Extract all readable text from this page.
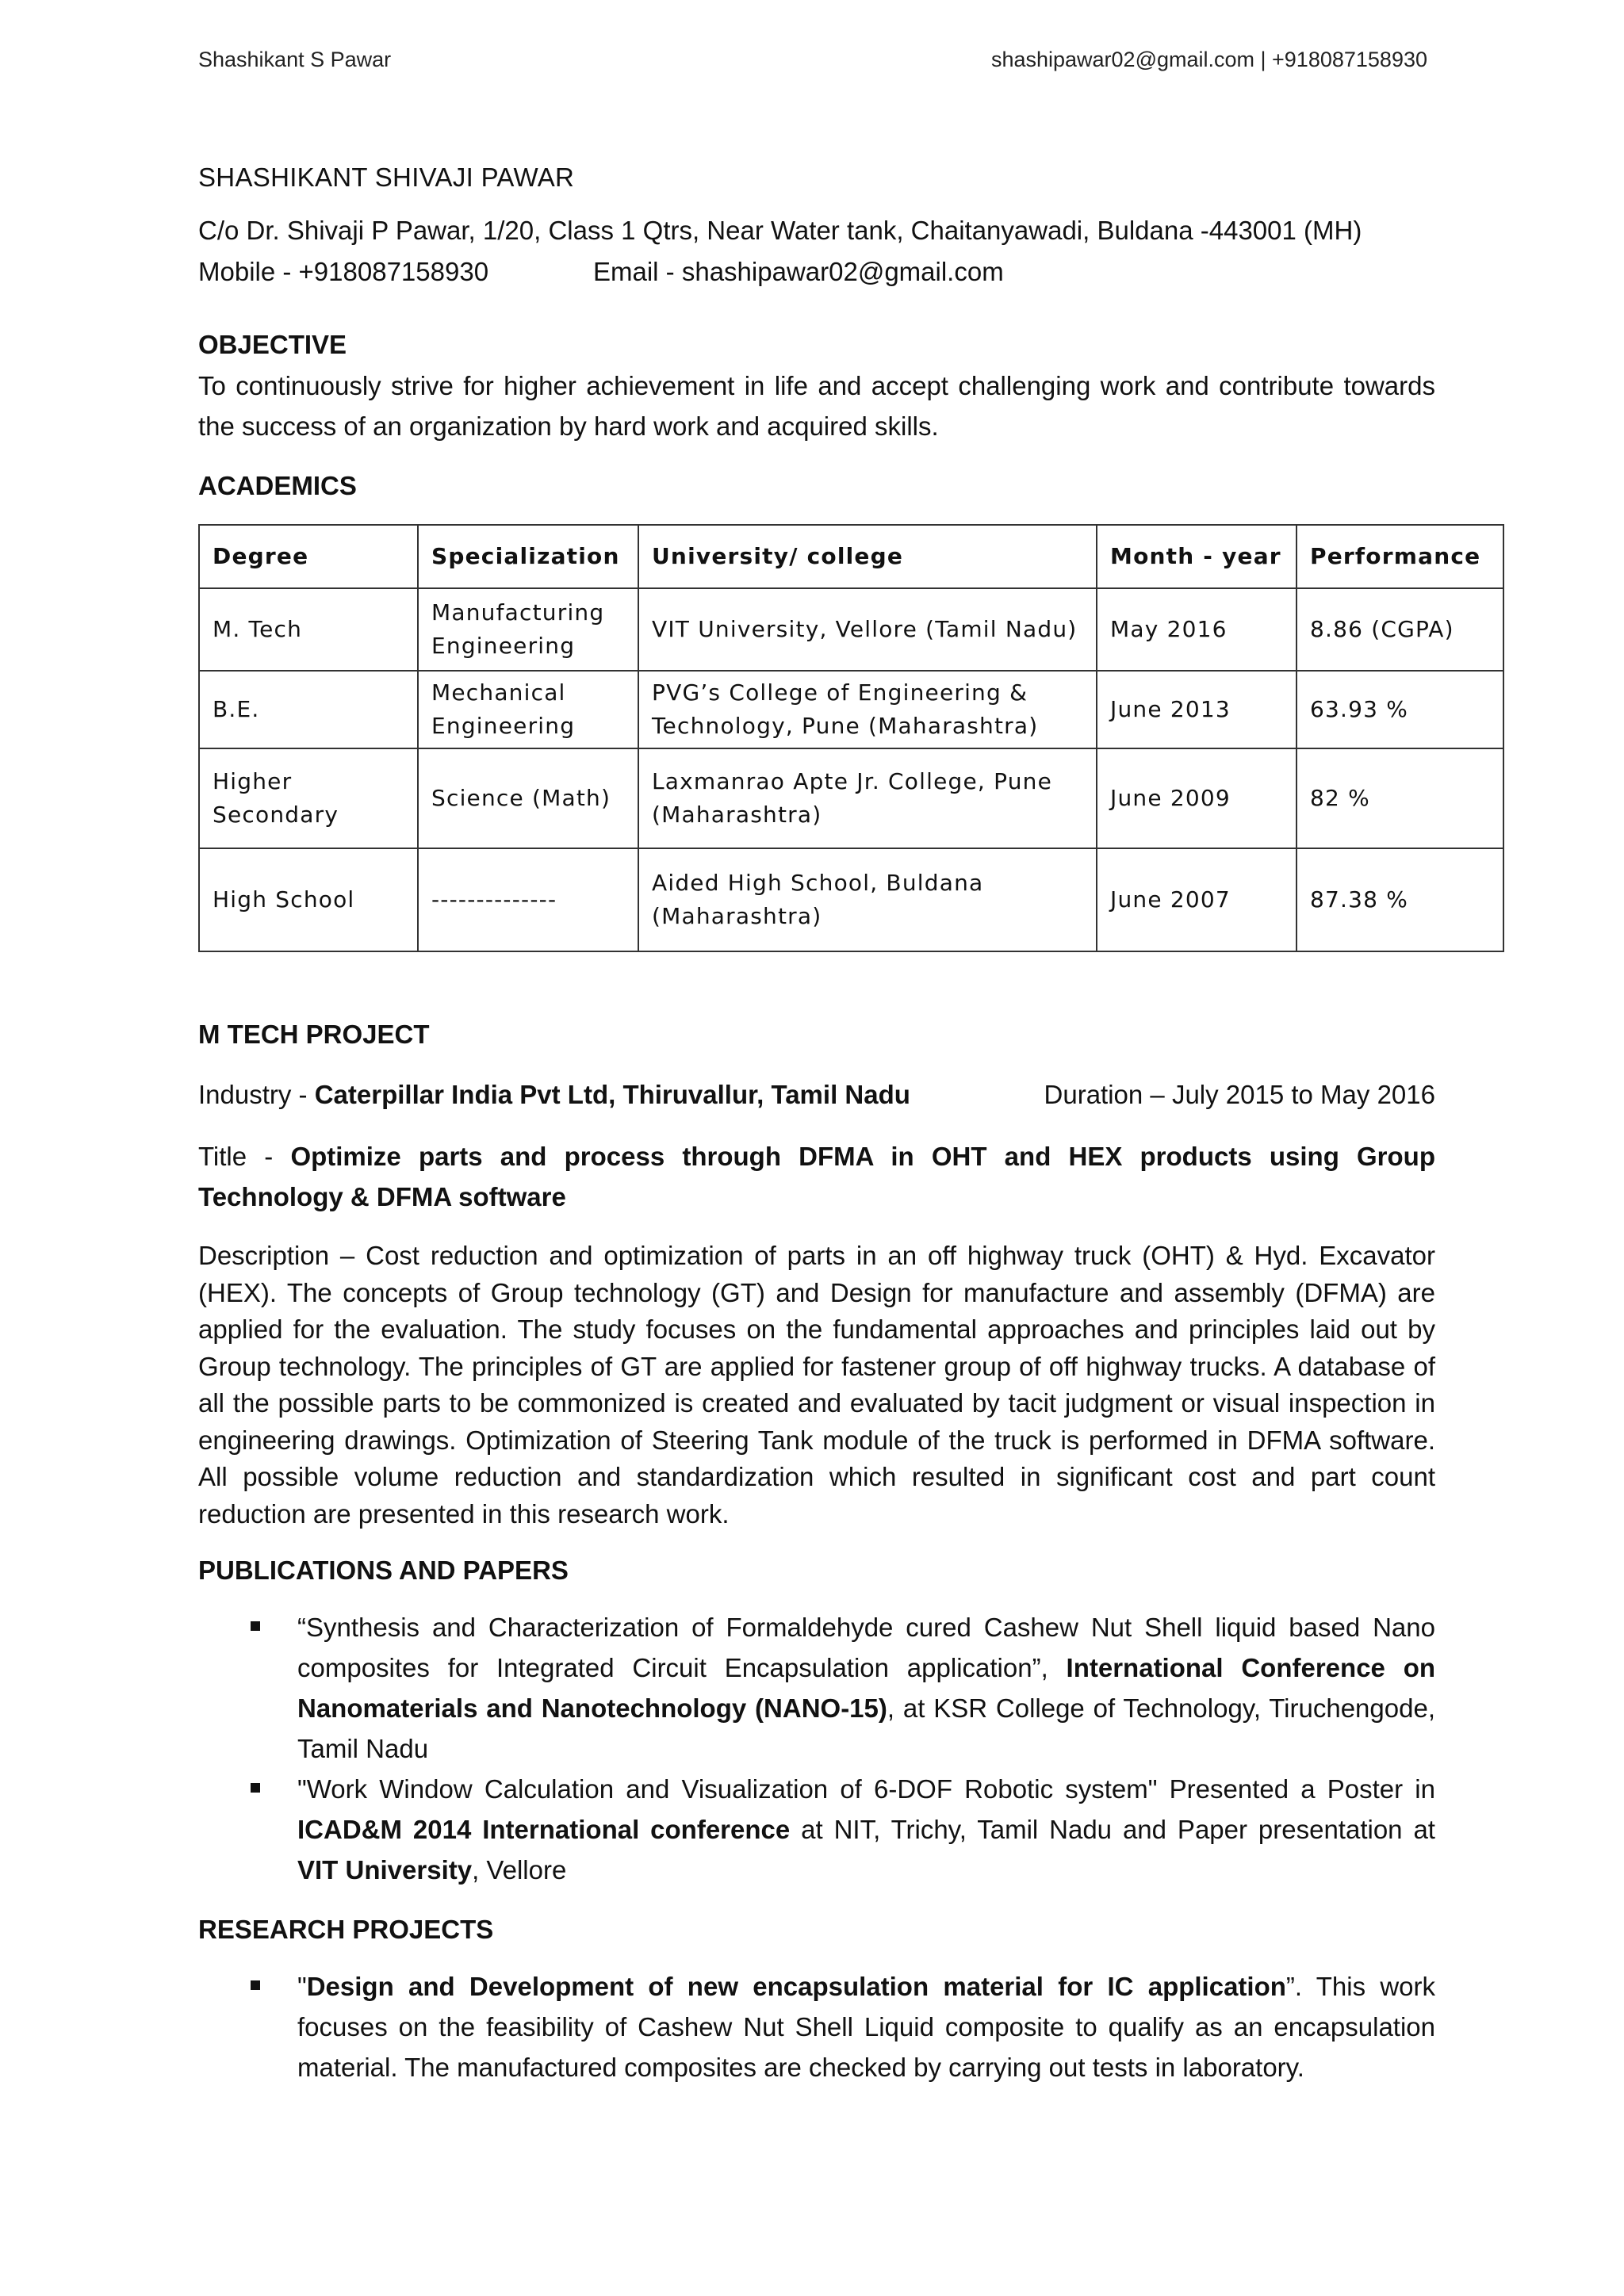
Shashikant S Pawar	shashipawar02@gmail.com | +918087158930

SHASHIKANT SHIVAJI PAWAR

C/o Dr. Shivaji P Pawar, 1/20, Class 1 Qtrs, Near Water tank, Chaitanyawadi, Buldana -443001 (MH)

Mobile - +918087158930	Email - shashipawar02@gmail.com

OBJECTIVE

To continuously strive for higher achievement in life and accept challenging work and contribute towards the success of an organization by hard work and acquired skills.

ACADEMICS

Degree	Specialization	University/ college	Month - year	Performance
M. Tech	Manufacturing Engineering	VIT University, Vellore (Tamil Nadu)	May 2016	8.86 (CGPA)
B.E.	Mechanical Engineering	PVG’s College of Engineering & Technology, Pune (Maharashtra)	June 2013	63.93 %
Higher Secondary	Science (Math)	Laxmanrao Apte Jr. College, Pune (Maharashtra)	June 2009	82 %
High School	--------------	Aided High School, Buldana (Maharashtra)	June 2007	87.38 %

M TECH PROJECT

Industry - Caterpillar India Pvt Ltd, Thiruvallur, Tamil Nadu	Duration – July 2015 to May 2016

Title - Optimize parts and process through DFMA in OHT and HEX products using Group Technology & DFMA software

Description – Cost reduction and optimization of parts in an off highway truck (OHT) & Hyd. Excavator (HEX). The concepts of Group technology (GT) and Design for manufacture and assembly (DFMA) are applied for the evaluation. The study focuses on the fundamental approaches and principles laid out by Group technology. The principles of GT are applied for fastener group of off highway trucks. A database of all the possible parts to be commonized is created and evaluated by tacit judgment or visual inspection in engineering drawings. Optimization of Steering Tank module of the truck is performed in DFMA software. All possible volume reduction and standardization which resulted in significant cost and part count reduction are presented in this research work.

PUBLICATIONS AND PAPERS

“Synthesis and Characterization of Formaldehyde cured Cashew Nut Shell liquid based Nano composites for Integrated Circuit Encapsulation application”, International Conference on Nanomaterials and Nanotechnology (NANO-15), at KSR College of Technology, Tiruchengode, Tamil Nadu
"Work Window Calculation and Visualization of 6-DOF Robotic system" Presented a Poster in ICAD&M 2014 International conference at NIT, Trichy, Tamil Nadu and Paper presentation at VIT University, Vellore

RESEARCH PROJECTS

"Design and Development of new encapsulation material for IC application”. This work focuses on the feasibility of Cashew Nut Shell Liquid composite to qualify as an encapsulation material. The manufactured composites are checked by carrying out tests in laboratory.
